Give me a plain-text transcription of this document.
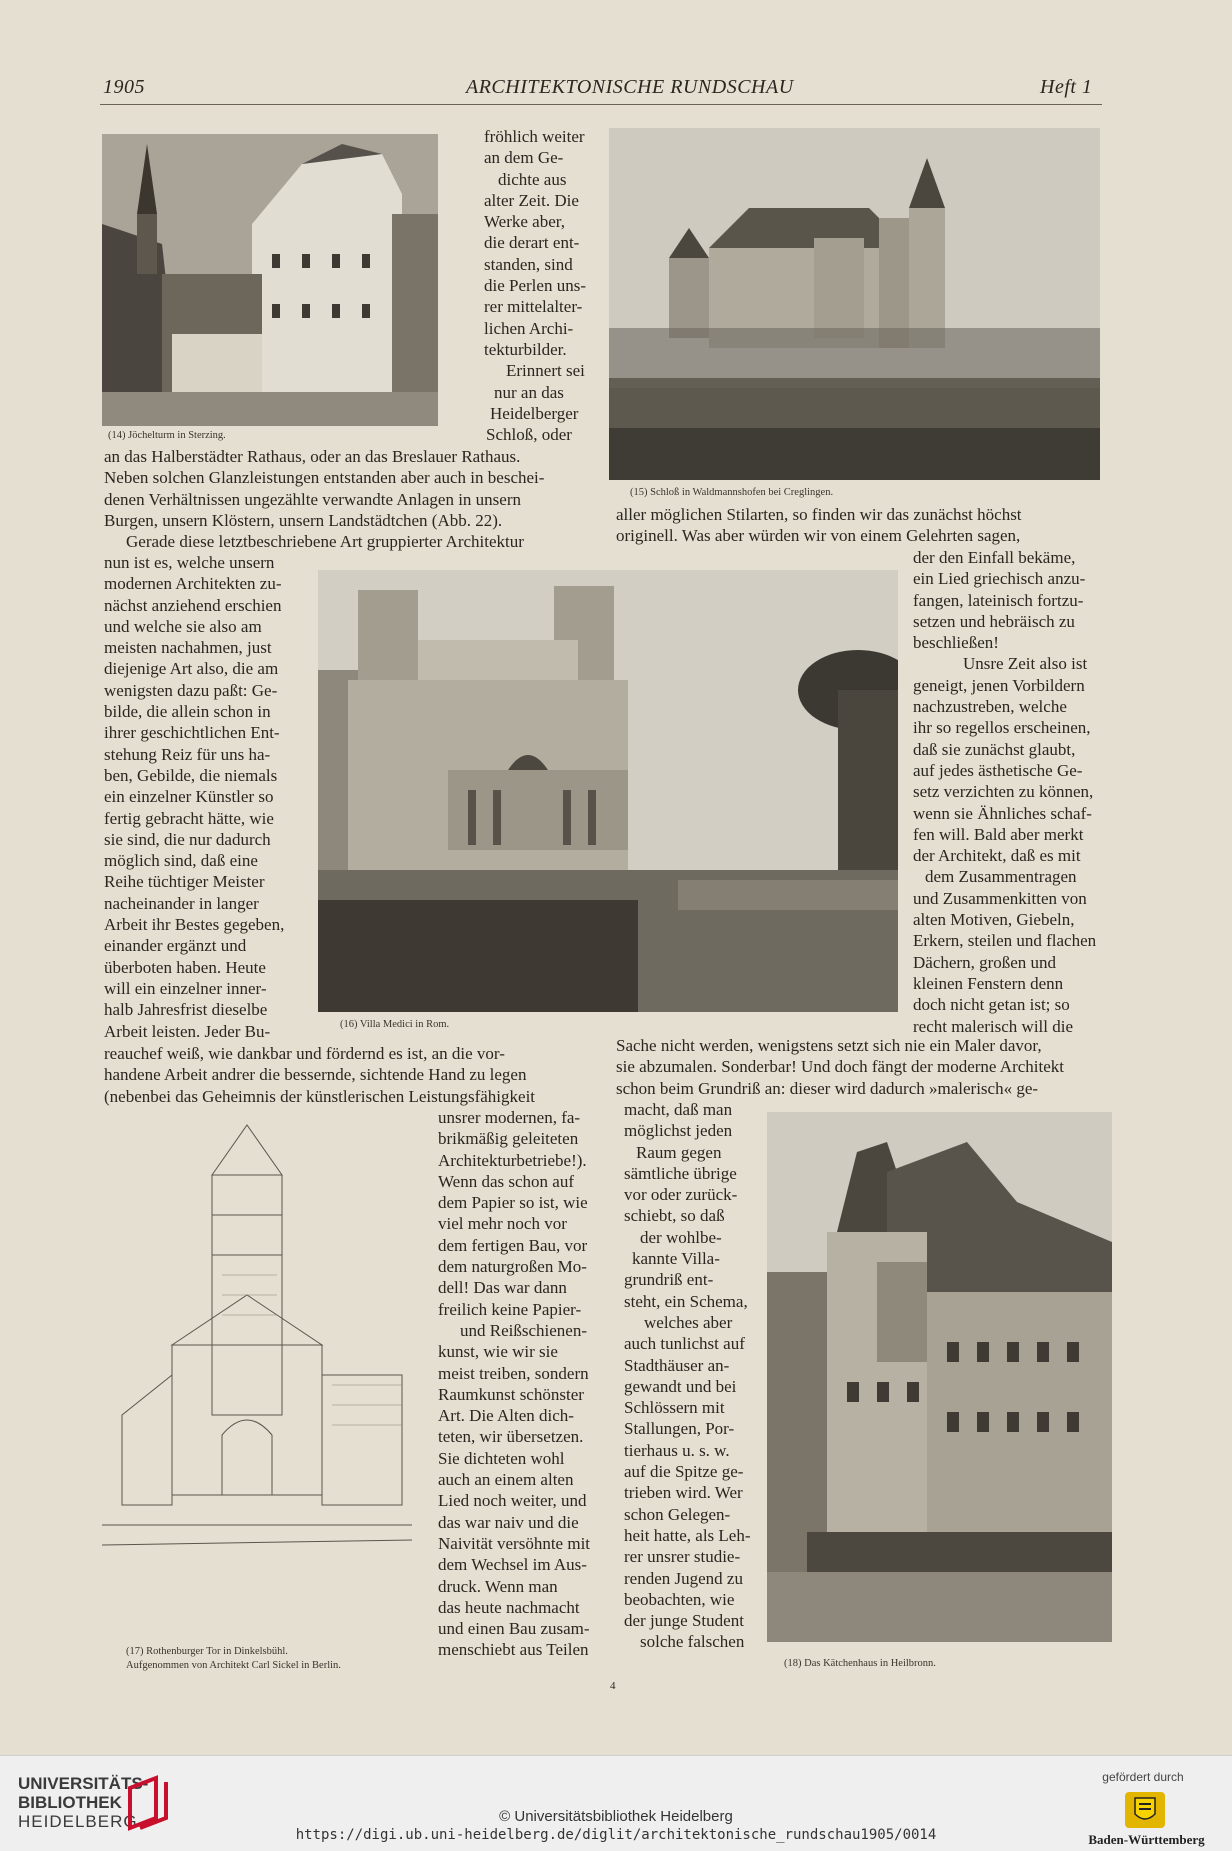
1905	ARCHITEKTONISCHE RUNDSCHAU	Heft 1
(14) Jöchelturm in Sterzing.
(15) Schloß in Waldmannshofen bei Creglingen.
(16) Villa Medici in Rom.
(17) Rothenburger Tor in Dinkelsbühl.
Aufgenommen von Architekt Carl Sickel in Berlin.	(18) Das Kätchenhaus in Heilbronn.

fröhlich weiter

an dem Ge-

dichte aus

alter Zeit. Die

Werke aber,

die derart ent-

standen, sind

die Perlen uns-

rer mittelalter-

lichen Archi-

tekturbilder.

Erinnert sei

nur an das

Heidelberger

Schloß, oder

an das Halberstädter Rathaus, oder an das Breslauer Rathaus.

Neben solchen Glanzleistungen entstanden aber auch in beschei-

denen Verhältnissen ungezählte verwandte Anlagen in unsern

Burgen, unsern Klöstern, unsern Landstädtchen (Abb. 22).

Gerade diese letztbeschriebene Art gruppierter Architektur

nun ist es, welche unsern

modernen Architekten zu-

nächst anziehend erschien

und welche sie also am

meisten nachahmen, just

diejenige Art also, die am

wenigsten dazu paßt: Ge-

bilde, die allein schon in

ihrer geschichtlichen Ent-

stehung Reiz für uns ha-

ben, Gebilde, die niemals

ein einzelner Künstler so

fertig gebracht hätte, wie

sie sind, die nur dadurch

möglich sind, daß eine

Reihe tüchtiger Meister

nacheinander in langer

Arbeit ihr Bestes gegeben,

einander ergänzt und

überboten haben. Heute

will ein einzelner inner-

halb Jahresfrist dieselbe

Arbeit leisten. Jeder Bu-

reauchef weiß, wie dankbar und fördernd es ist, an die vor-

handene Arbeit andrer die bessernde, sichtende Hand zu legen

(nebenbei das Geheimnis der künstlerischen Leistungsfähigkeit

unsrer modernen, fa-

brikmäßig geleiteten

Architekturbetriebe!).

Wenn das schon auf

dem Papier so ist, wie

viel mehr noch vor

dem fertigen Bau, vor

dem naturgroßen Mo-

dell! Das war dann

freilich keine Papier-

und Reißschienen-

kunst, wie wir sie

meist treiben, sondern

Raumkunst schönster

Art. Die Alten dich-

teten, wir übersetzen.

Sie dichteten wohl

auch an einem alten

Lied noch weiter, und

das war naiv und die

Naivität versöhnte mit

dem Wechsel im Aus-

druck. Wenn man

das heute nachmacht

und einen Bau zusam-

menschiebt aus Teilen

aller möglichen Stilarten, so finden wir das zunächst höchst

originell. Was aber würden wir von einem Gelehrten sagen,

der den Einfall bekäme,

ein Lied griechisch anzu-

fangen, lateinisch fortzu-

setzen und hebräisch zu

beschließen!

Unsre Zeit also ist

geneigt, jenen Vorbildern

nachzustreben, welche

ihr so regellos erscheinen,

daß sie zunächst glaubt,

auf jedes ästhetische Ge-

setz verzichten zu können,

wenn sie Ähnliches schaf-

fen will. Bald aber merkt

der Architekt, daß es mit

dem Zusammentragen

und Zusammenkitten von

alten Motiven, Giebeln,

Erkern, steilen und flachen

Dächern, großen und

kleinen Fenstern denn

doch nicht getan ist; so

recht malerisch will die

Sache nicht werden, wenigstens setzt sich nie ein Maler davor,

sie abzumalen. Sonderbar! Und doch fängt der moderne Architekt

schon beim Grundriß an: dieser wird dadurch »malerisch« ge-

macht, daß man

möglichst jeden

Raum gegen

sämtliche übrige

vor oder zurück-

schiebt, so daß

der wohlbe-

kannte Villa-

grundriß ent-

steht, ein Schema,

welches aber

auch tunlichst auf

Stadthäuser an-

gewandt und bei

Schlössern mit

Stallungen, Por-

tierhaus u. s. w.

auf die Spitze ge-

trieben wird. Wer

schon Gelegen-

heit hatte, als Leh-

rer unsrer studie-

renden Jugend zu

beobachten, wie

der junge Student

solche falschen

4
UNIVERSITÄTS-
BIBLIOTHEK
HEIDELBERG	© Universitätsbibliothek Heidelberg
https://digi.ub.uni-heidelberg.de/diglit/architektonische_rundschau1905/0014
gefördert durch
Baden-Württemberg
